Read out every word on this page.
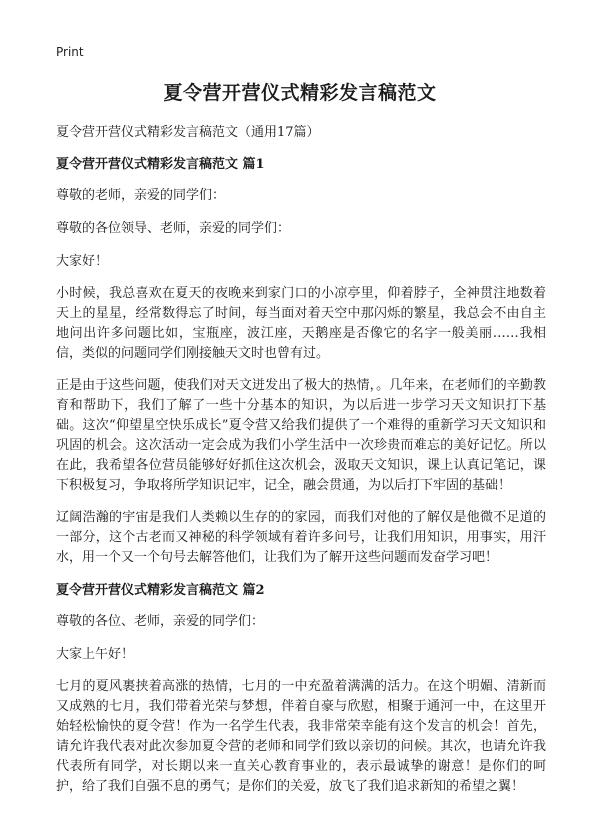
Print
夏令营开营仪式精彩发言稿范文

夏令营开营仪式精彩发言稿范文（通用17篇）

夏令营开营仪式精彩发言稿范文 篇1

尊敬的老师，亲爱的同学们：

尊敬的各位领导、老师，亲爱的同学们：

大家好！

小时候，我总喜欢在夏天的夜晚来到家门口的小凉亭里，仰着脖子，全神贯注地数着天上的星星，经常数得忘了时间，每当面对着天空中那闪烁的繁星，我总会不由自主地问出许多问题比如，宝瓶座，波江座，天鹅座是否像它的名字一般美丽……我相信，类似的问题同学们刚接触天文时也曾有过。

正是由于这些问题，使我们对天文迸发出了极大的热情，。几年来，在老师们的辛勤教育和帮助下，我们了解了一些十分基本的知识，为以后进一步学习天文知识打下基础。这次“仰望星空快乐成长”夏令营又给我们提供了一个难得的重新学习天文知识和巩固的机会。这次活动一定会成为我们小学生活中一次珍贵而难忘的美好记忆。所以在此，我希望各位营员能够好好抓住这次机会，汲取天文知识，课上认真记笔记，课下积极复习，争取将所学知识记牢，记全，融会贯通，为以后打下牢固的基础！

辽阔浩瀚的宇宙是我们人类赖以生存的的家园，而我们对他的了解仅是他微不足道的一部分，这个古老而又神秘的科学领域有着许多问号，让我们用知识，用事实，用汗水，用一个又一个句号去解答他们，让我们为了解开这些问题而发奋学习吧！

夏令营开营仪式精彩发言稿范文 篇2

尊敬的各位、老师，亲爱的同学们：

大家上午好！

七月的夏风裹挟着高涨的热情，七月的一中充盈着满满的活力。在这个明媚、清新而又成熟的七月，我们带着光荣与梦想，伴着自豪与欣慰，相聚于通河一中，在这里开始轻松愉快的夏令营！作为一名学生代表，我非常荣幸能有这个发言的机会！首先，请允许我代表对此次参加夏令营的老师和同学们致以亲切的问候。其次，也请允许我代表所有同学，对长期以来一直关心教育事业的，表示最诚挚的谢意！是你们的呵护，给了我们自强不息的勇气；是你们的关爱，放飞了我们追求新知的希望之翼！
